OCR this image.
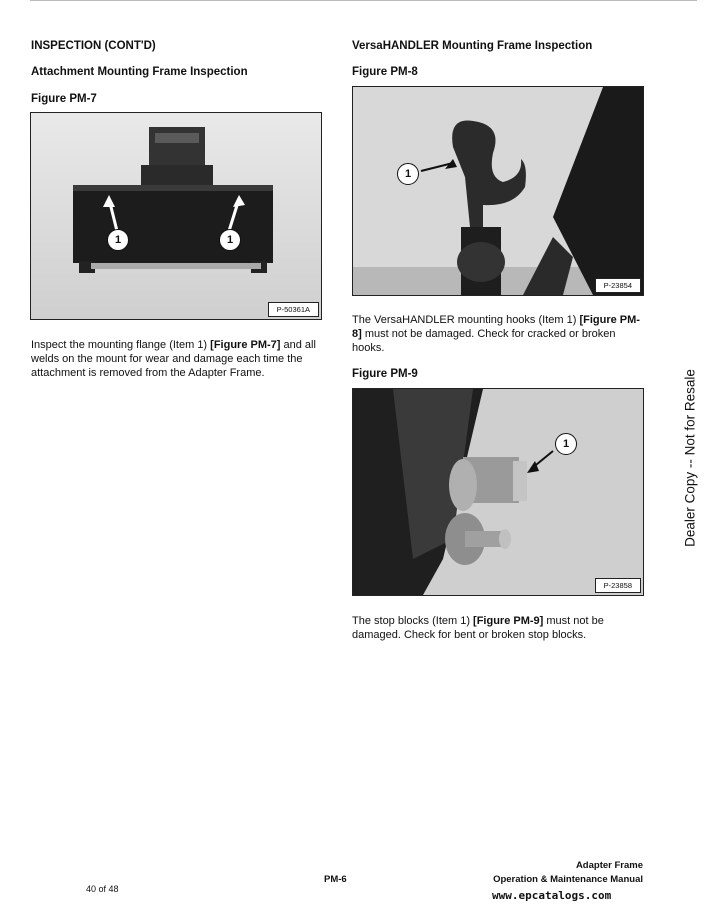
INSPECTION (CONT'D)
Attachment Mounting Frame Inspection
Figure PM-7
1	1
P-50361A
Inspect the mounting flange (Item 1) [Figure PM-7] and all welds on the mount for wear and damage each time the attachment is removed from the Adapter Frame.
VersaHANDLER Mounting Frame Inspection
Figure PM-8
1
P-23854
The VersaHANDLER mounting hooks (Item 1) [Figure PM-8] must not be damaged. Check for cracked or broken hooks.
Figure PM-9
1
P-23858
The stop blocks (Item 1) [Figure PM-9] must not be damaged. Check for bent or broken stop blocks.
Dealer Copy -- Not for Resale
40 of 48
PM-6
Adapter Frame
Operation & Maintenance Manual
www.epcatalogs.com
